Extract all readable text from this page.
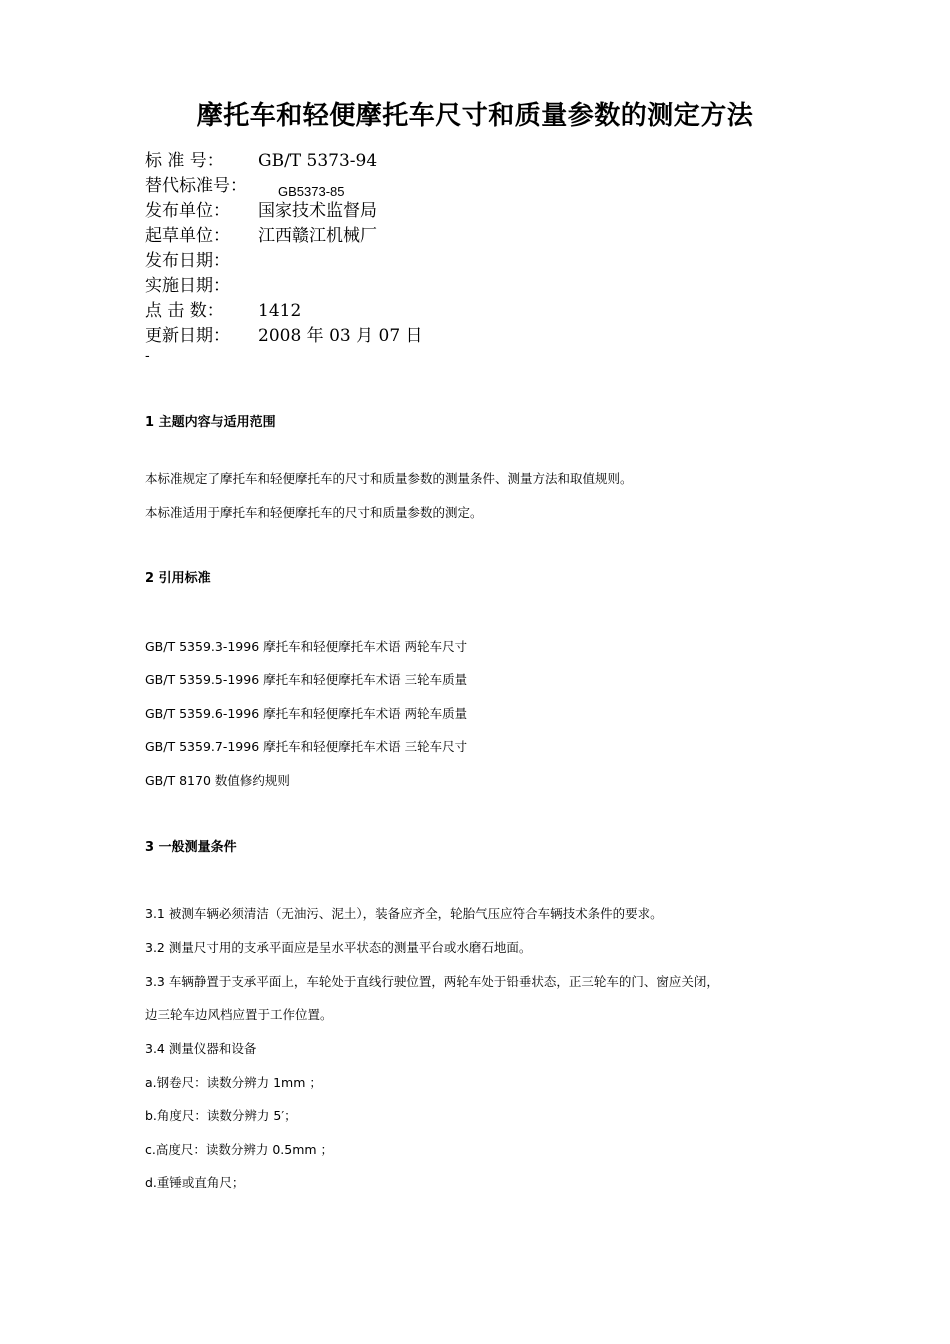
摩托车和轻便摩托车尺寸和质量参数的测定方法
标 准 号： GB/T 5373-94
替代标准号： GB5373-85
发布单位： 国家技术监督局
起草单位： 江西赣江机械厂
发布日期：
实施日期：
点 击 数： 1412
更新日期： 2008 年 03 月 07 日
-
1 主题内容与适用范围
本标准规定了摩托车和轻便摩托车的尺寸和质量参数的测量条件、测量方法和取值规则。
本标准适用于摩托车和轻便摩托车的尺寸和质量参数的测定。
2 引用标准
GB/T 5359.3-1996 摩托车和轻便摩托车术语 两轮车尺寸
GB/T 5359.5-1996 摩托车和轻便摩托车术语 三轮车质量
GB/T 5359.6-1996 摩托车和轻便摩托车术语 两轮车质量
GB/T 5359.7-1996 摩托车和轻便摩托车术语 三轮车尺寸
GB/T 8170 数值修约规则
3 一般测量条件
3.1 被测车辆必须清洁（无油污、泥土），装备应齐全，轮胎气压应符合车辆技术条件的要求。
3.2 测量尺寸用的支承平面应是呈水平状态的测量平台或水磨石地面。
3.3 车辆静置于支承平面上，车轮处于直线行驶位置，两轮车处于铅垂状态，正三轮车的门、窗应关闭，
边三轮车边风档应置于工作位置。
3.4 测量仪器和设备
a.钢卷尺：读数分辨力 1mm ；
b.角度尺：读数分辨力 5′；
c.高度尺：读数分辨力 0.5mm ；
d.重锤或直角尺；
